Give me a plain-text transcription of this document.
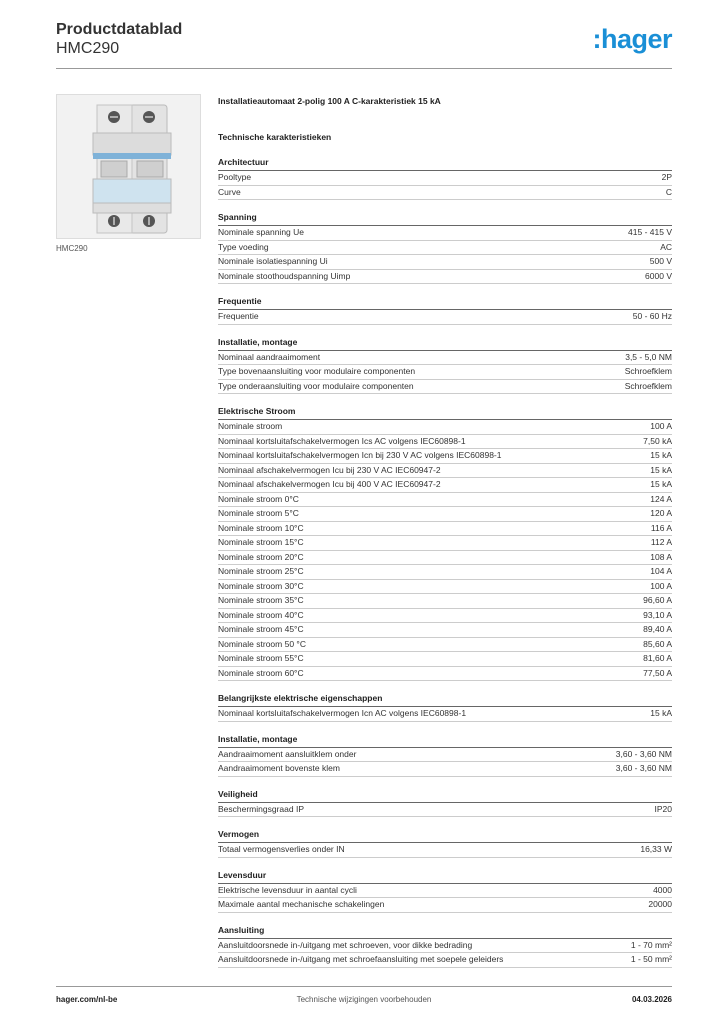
Productdatablad
HMC290	:hager
HMC290
Installatieautomaat 2-polig 100 A C-karakteristiek 15 kA
Technische karakteristieken
Architectuur
Pooltype	2P
Curve	C
Spanning
Nominale spanning Ue	415 - 415 V
Type voeding	AC
Nominale isolatiespanning Ui	500 V
Nominale stoothoudspanning Uimp	6000 V
Frequentie
Frequentie	50 - 60 Hz
Installatie, montage
Nominaal aandraaimoment	3,5 - 5,0 NM
Type bovenaansluiting voor modulaire componenten	Schroefklem
Type onderaansluiting voor modulaire componenten	Schroefklem
Elektrische Stroom
Nominale stroom	100 A
Nominaal kortsluitafschakelvermogen Ics AC volgens IEC60898-1	7,50 kA
Nominaal kortsluitafschakelvermogen Icn bij 230 V AC volgens IEC60898-1	15 kA
Nominaal afschakelvermogen Icu bij 230 V AC IEC60947-2	15 kA
Nominaal afschakelvermogen Icu bij 400 V AC IEC60947-2	15 kA
Nominale stroom 0°C	124 A
Nominale stroom 5°C	120 A
Nominale stroom 10°C	116 A
Nominale stroom 15°C	112 A
Nominale stroom 20°C	108 A
Nominale stroom 25°C	104 A
Nominale stroom 30°C	100 A
Nominale stroom 35°C	96,60 A
Nominale stroom 40°C	93,10 A
Nominale stroom 45°C	89,40 A
Nominale stroom 50 °C	85,60 A
Nominale stroom 55°C	81,60 A
Nominale stroom 60°C	77,50 A
Belangrijkste elektrische eigenschappen
Nominaal kortsluitafschakelvermogen Icn AC volgens IEC60898-1	15 kA
Installatie, montage
Aandraaimoment aansluitklem onder	3,60 - 3,60 NM
Aandraaimoment bovenste klem	3,60 - 3,60 NM
Veiligheid
Beschermingsgraad IP	IP20
Vermogen
Totaal vermogensverlies onder IN	16,33 W
Levensduur
Elektrische levensduur in aantal cycli	4000
Maximale aantal mechanische schakelingen	20000
Aansluiting
Aansluitdoorsnede in-/uitgang met schroeven, voor dikke bedrading	1 - 70 mm²
Aansluitdoorsnede in-/uitgang met schroefaansluiting met soepele geleiders	1 - 50 mm²
hager.com/nl-be	Technische wijzigingen voorbehouden	04.03.2026
